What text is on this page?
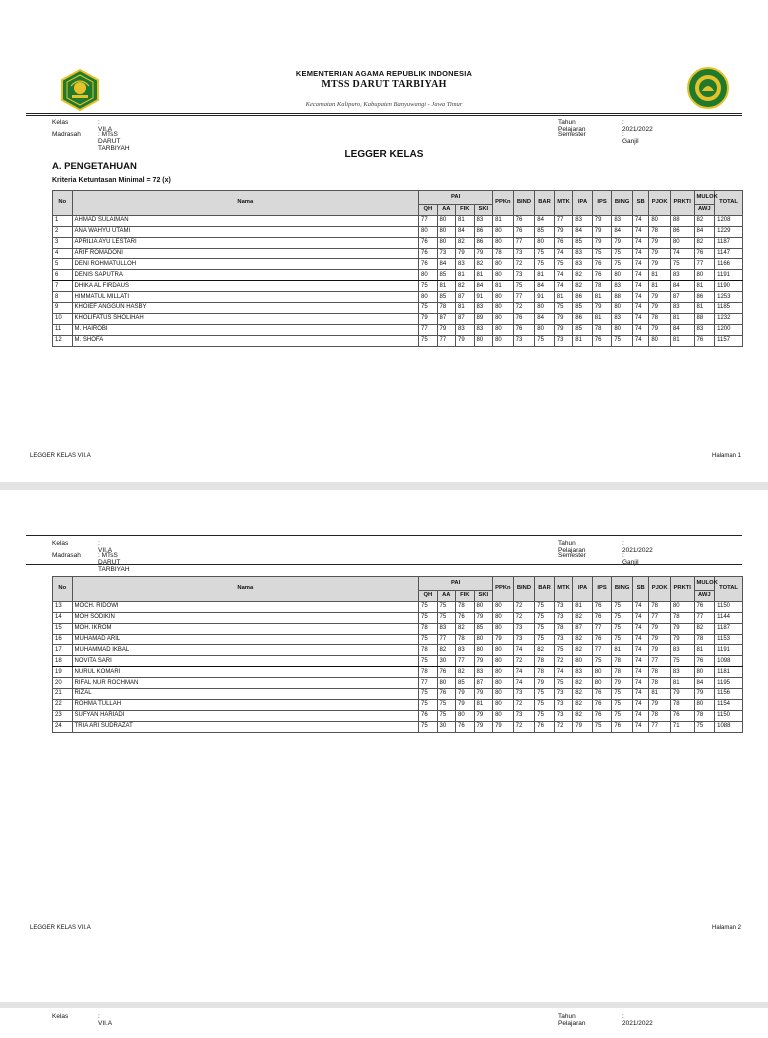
KEMENTERIAN AGAMA REPUBLIK INDONESIA
MTSS DARUT TARBIYAH
Kecamatan Kalipuro, Kabupaten Banyuwangi - Jawa Timur
Kelas	: VII.A
Madrasah	: MTsS DARUT TARBIYAH
Tahun Pelajaran
: 2021/2022
Semester	: Ganjil
LEGGER KELAS
A. PENGETAHUAN
Kriteria Ketuntasan Minimal = 72 (x)
No	Nama	PAI				PPKn	BIND	BAR	MTK	IPA	IPS	BING	SB	PJOK	PRKTI	MULOK	TOTAL
		QH	AA	FIK	SKI											AWJ	
1	AHMAD SULAIMAN	77	80	81	83	81	76	84	77	83	79	83	74	80	88	82	1208
2	ANA WAHYU UTAMI	80	80	84	86	80	76	85	79	84	79	84	74	78	86	84	1229
3	APRILIA AYU LESTARI	76	80	82	86	80	77	80	76	85	79	79	74	79	80	82	1187
4	ARIF ROMADONI	76	73	79	79	78	73	75	74	83	75	75	74	79	74	76	1147
5	DENI ROHMATULLOH	76	84	83	82	80	72	75	75	83	76	75	74	79	75	77	1166
6	DENIS SAPUTRA	80	85	81	81	80	73	81	74	82	76	80	74	81	83	80	1191
7	DHIKA AL FIRDAUS	75	81	82	84	81	75	84	74	82	78	83	74	81	84	81	1190
8	HIMMATUL MILLATI	80	85	87	91	80	77	91	81	86	81	88	74	79	87	86	1253
9	KHOIEF ANGGUN HASBY	75	78	81	83	80	72	80	75	85	79	80	74	79	83	81	1185
10	KHOLIFATUS SHOLIHAH	79	87	87	89	80	76	84	79	86	81	83	74	78	81	88	1232
11	M. HAIROBI	77	79	83	83	80	76	80	79	85	78	80	74	79	84	83	1200
12	M. SHOFA	75	77	79	80	80	73	75	73	81	76	75	74	80	81	76	1157
LEGGER KELAS VII.A	Halaman 1
Kelas	: VII.A
Madrasah	: MTsS DARUT TARBIYAH
Tahun Pelajaran
: 2021/2022
Semester	: Ganjil
No	Nama	PAI				PPKn	BIND	BAR	MTK	IPA	IPS	BING	SB	PJOK	PRKTI	MULOK	TOTAL
		QH	AA	FIK	SKI											AWJ	
13	MOCH. RIDOWI	75	75	78	80	80	72	75	73	81	76	75	74	78	80	76	1150
14	MOH SODIKIN	75	75	76	79	80	72	75	73	82	76	75	74	77	78	77	1144
15	MOH. IKROM	78	83	82	85	80	73	75	78	87	77	75	74	79	79	82	1187
16	MUHAMAD ARIL	75	77	78	80	79	73	75	73	82	76	75	74	79	79	78	1153
17	MUHAMMAD IKBAL	78	82	83	80	80	74	82	75	82	77	81	74	79	83	81	1191
18	NOVITA SARI	75	30	77	79	80	72	78	72	80	75	78	74	77	75	76	1098
19	NURUL KOMARI	78	76	82	83	80	74	78	74	83	80	78	74	78	83	80	1181
20	RIFAL NUR ROCHMAN	77	80	85	87	80	74	79	75	82	80	79	74	78	81	84	1195
21	RIZAL	75	76	79	79	80	73	75	73	82	76	75	74	81	79	79	1156
22	ROHMA TULLAH	75	75	79	81	80	72	75	73	82	76	75	74	79	78	80	1154
23	SUFYAN HARIADI	76	75	80	79	80	73	75	73	82	76	75	74	78	76	78	1150
24	TRIA ARI SUDRAZAT	75	30	76	79	79	72	76	72	79	75	76	74	77	71	75	1088
LEGGER KELAS VII.A	Halaman 2
Kelas	: VII.A
Tahun Pelajaran
: 2021/2022
